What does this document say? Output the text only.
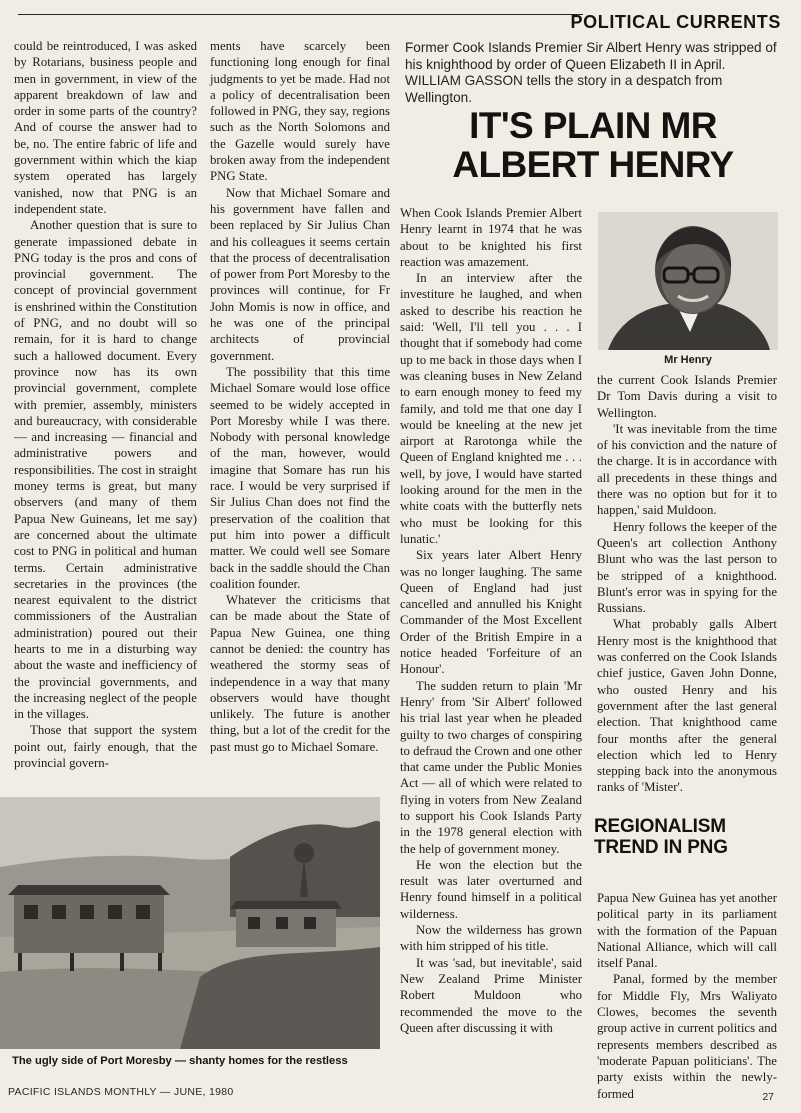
POLITICAL CURRENTS

could be reintroduced, I was asked by Rotarians, business people and men in government, in view of the apparent breakdown of law and order in some parts of the country? And of course the answer had to be, no. The entire fabric of life and government within which the kiap system operated has largely vanished, now that PNG is an independent state.

Another question that is sure to generate impassioned debate in PNG today is the pros and cons of provincial government. The concept of provincial government is enshrined within the Constitution of PNG, and no doubt will so remain, for it is hard to change such a hallowed document. Every province now has its own provincial government, complete with premier, assembly, ministers and bureaucracy, with considerable — and increasing — financial and administrative powers and responsibilities. The cost in straight money terms is great, but many observers (and many of them Papua New Guineans, let me say) are concerned about the ultimate cost to PNG in political and human terms. Certain administrative secretaries in the provinces (the nearest equivalent to the district commissioners of the Australian administration) poured out their hearts to me in a disturbing way about the waste and inefficiency of the provincial governments, and the increasing neglect of the people in the villages.

Those that support the system point out, fairly enough, that the provincial govern-

ments have scarcely been functioning long enough for final judgments to yet be made. Had not a policy of decentralisation been followed in PNG, they say, regions such as the North Solomons and the Gazelle would surely have broken away from the independent PNG State.

Now that Michael Somare and his government have fallen and been replaced by Sir Julius Chan and his colleagues it seems certain that the process of decentralisation of power from Port Moresby to the provinces will continue, for Fr John Momis is now in office, and he was one of the principal architects of provincial government.

The possibility that this time Michael Somare would lose office seemed to be widely accepted in Port Moresby while I was there. Nobody with personal knowledge of the man, however, would imagine that Somare has run his race. I would be very surprised if Sir Julius Chan does not find the preservation of the coalition that put him into power a difficult matter. We could well see Somare back in the saddle should the Chan coalition founder.

Whatever the criticisms that can be made about the State of Papua New Guinea, one thing cannot be denied: the country has weathered the stormy seas of independence in a way that many observers would have thought unlikely. The future is another thing, but a lot of the credit for the past must go to Michael Somare.

Former Cook Islands Premier Sir Albert Henry was stripped of his knighthood by order of Queen Elizabeth II in April. WILLIAM GASSON tells the story in a despatch from Wellington.
IT'S PLAIN MR
ALBERT HENRY

When Cook Islands Premier Albert Henry learnt in 1974 that he was about to be knighted his first reaction was amazement.

In an interview after the investiture he laughed, and when asked to describe his reaction he said: 'Well, I'll tell you . . . I thought that if somebody had come up to me back in those days when I was cleaning buses in New Zeland to earn enough money to feed my family, and told me that one day I would be kneeling at the new jet airport at Rarotonga while the Queen of England knighted me . . . well, by jove, I would have started looking around for the men in the white coats with the butterfly nets who must be looking for this lunatic.'

Six years later Albert Henry was no longer laughing. The same Queen of England had just cancelled and annulled his Knight Commander of the Most Excellent Order of the British Empire in a notice headed 'Forfeiture of an Honour'.

The sudden return to plain 'Mr Henry' from 'Sir Albert' followed his trial last year when he pleaded guilty to two charges of conspiring to defraud the Crown and one other that came under the Public Monies Act — all of which were related to flying in voters from New Zealand to support his Cook Islands Party in the 1978 general election with the help of government money.

He won the election but the result was later overturned and Henry found himself in a political wilderness.

Now the wilderness has grown with him stripped of his title.

It was 'sad, but inevitable', said New Zealand Prime Minister Robert Muldoon who recommended the move to the Queen after discussing it with

Mr Henry

the current Cook Islands Premier Dr Tom Davis during a visit to Wellington.

'It was inevitable from the time of his conviction and the nature of the charge. It is in accordance with all precedents in these things and there was no option but for it to happen,' said Muldoon.

Henry follows the keeper of the Queen's art collection Anthony Blunt who was the last person to be stripped of a knighthood. Blunt's error was in spying for the Russians.

What probably galls Albert Henry most is the knighthood that was conferred on the Cook Islands chief justice, Gaven John Donne, who ousted Henry and his government after the last general election. That knighthood came four months after the general election which led to Henry stepping back into the anonymous ranks of 'Mister'.

REGIONALISM
TREND IN PNG

Papua New Guinea has yet another political party in its parliament with the formation of the Papuan National Alliance, which will call itself Panal.

Panal, formed by the member for Middle Fly, Mrs Waliyato Clowes, becomes the seventh group active in current politics and represents members described as 'moderate Papuan politicians'. The party exists within the newly-formed

The ugly side of Port Moresby — shanty homes for the restless
PACIFIC ISLANDS MONTHLY — JUNE, 1980	27
